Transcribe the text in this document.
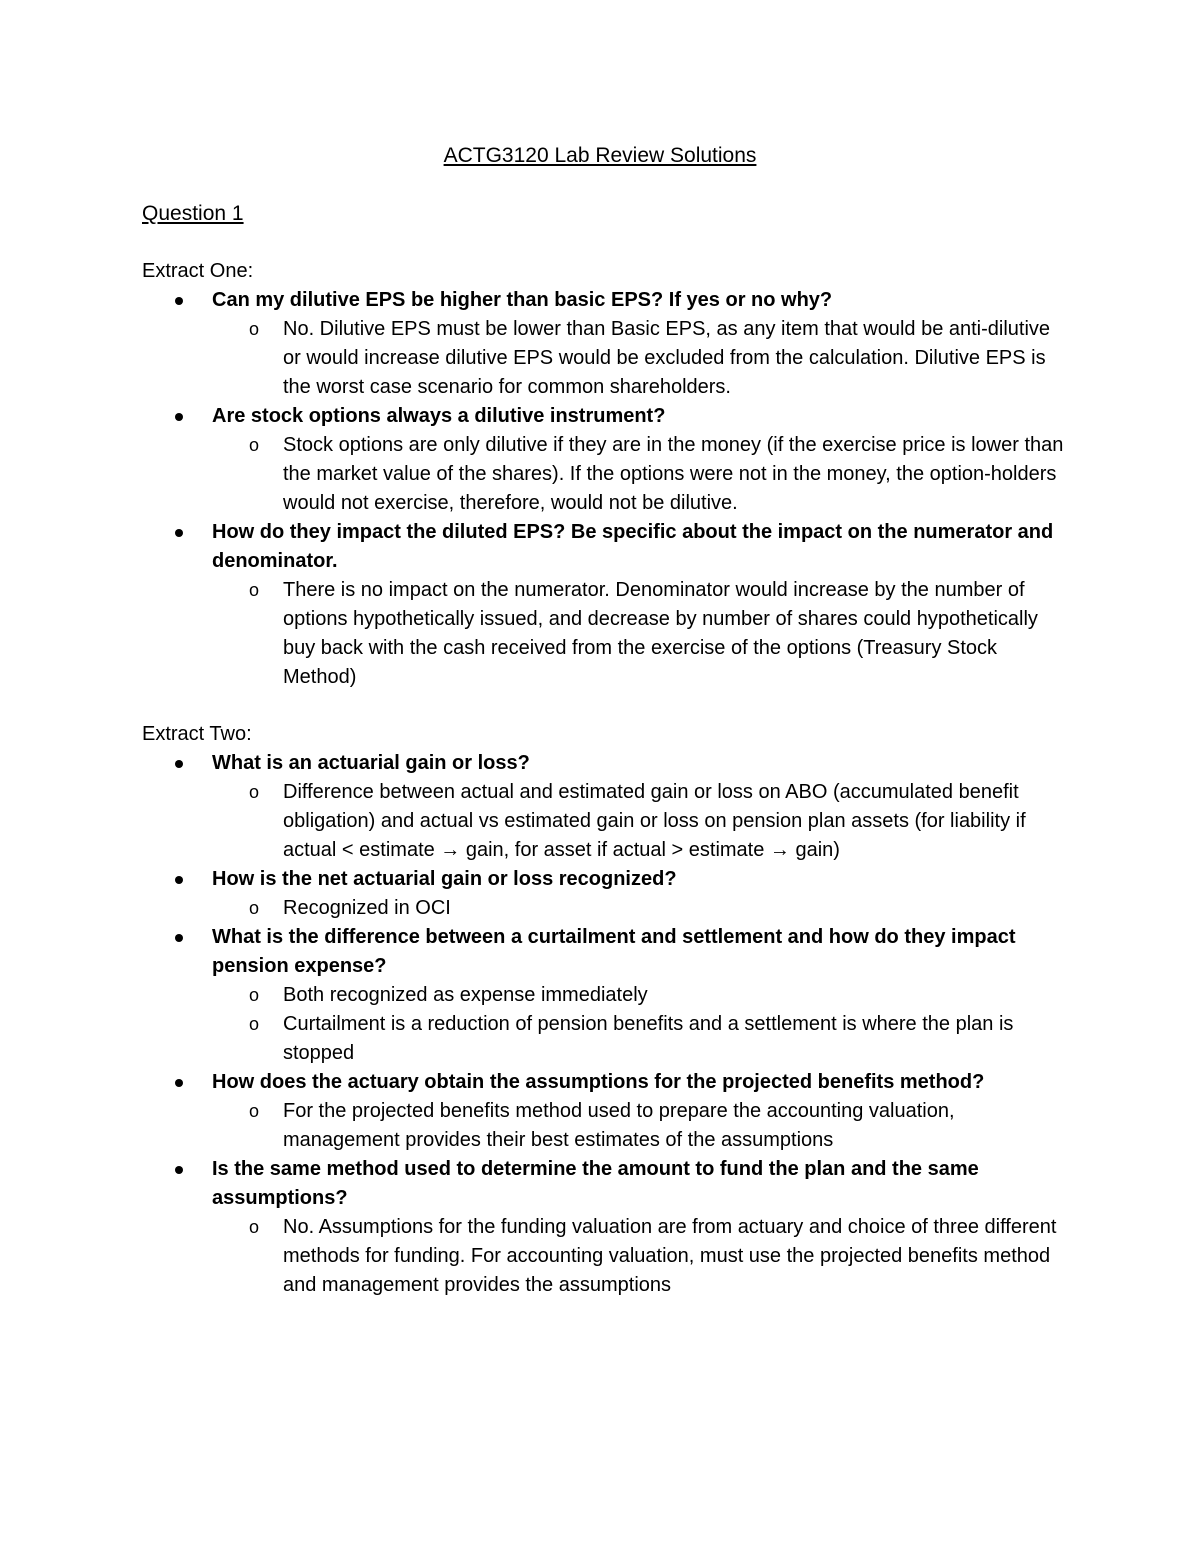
ACTG3120 Lab Review Solutions
Question 1
Extract One:
Can my dilutive EPS be higher than basic EPS? If yes or no why?
o No. Dilutive EPS must be lower than Basic EPS, as any item that would be anti-dilutive or would increase dilutive EPS would be excluded from the calculation. Dilutive EPS is the worst case scenario for common shareholders.
Are stock options always a dilutive instrument?
o Stock options are only dilutive if they are in the money (if the exercise price is lower than the market value of the shares). If the options were not in the money, the option-holders would not exercise, therefore, would not be dilutive.
How do they impact the diluted EPS? Be specific about the impact on the numerator and denominator.
o There is no impact on the numerator. Denominator would increase by the number of options hypothetically issued, and decrease by number of shares could hypothetically buy back with the cash received from the exercise of the options (Treasury Stock Method)
Extract Two:
What is an actuarial gain or loss?
o Difference between actual and estimated gain or loss on ABO (accumulated benefit obligation) and actual vs estimated gain or loss on pension plan assets (for liability if actual < estimate → gain, for asset if actual > estimate → gain)
How is the net actuarial gain or loss recognized?
o Recognized in OCI
What is the difference between a curtailment and settlement and how do they impact pension expense?
o Both recognized as expense immediately
o Curtailment is a reduction of pension benefits and a settlement is where the plan is stopped
How does the actuary obtain the assumptions for the projected benefits method?
o For the projected benefits method used to prepare the accounting valuation, management provides their best estimates of the assumptions
Is the same method used to determine the amount to fund the plan and the same assumptions?
o No. Assumptions for the funding valuation are from actuary and choice of three different methods for funding. For accounting valuation, must use the projected benefits method and management provides the assumptions
